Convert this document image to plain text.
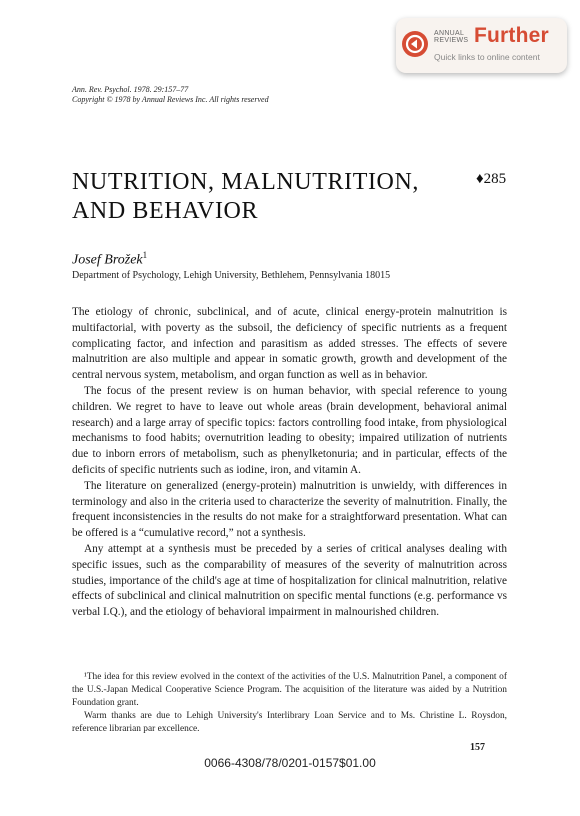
ANNUAL
REVIEWS Further
Quick links to online content
Ann. Rev. Psychol. 1978. 29:157–77
Copyright © 1978 by Annual Reviews Inc. All rights reserved
NUTRITION, MALNUTRITION,
AND BEHAVIOR
♦285
Josef Brožek$^1$
Department of Psychology, Lehigh University, Bethlehem, Pennsylvania 18015

The etiology of chronic, subclinical, and of acute, clinical energy-protein malnutrition is multifactorial, with poverty as the subsoil, the deficiency of specific nutrients as a frequent complicating factor, and infection and parasitism as added stresses. The effects of severe malnutrition are also multiple and appear in somatic growth, growth and development of the central nervous system, metabolism, and organ function as well as in behavior.

The focus of the present review is on human behavior, with special reference to young children. We regret to have to leave out whole areas (brain development, behavioral animal research) and a large array of specific topics: factors controlling food intake, from physiological mechanisms to food habits; overnutrition leading to obesity; impaired utilization of nutrients due to inborn errors of metabolism, such as phenylketonuria; and in particular, effects of the deficits of specific nutrients such as iodine, iron, and vitamin A.

The literature on generalized (energy-protein) malnutrition is unwieldy, with differences in terminology and also in the criteria used to characterize the severity of malnutrition. Finally, the frequent inconsistencies in the results do not make for a straightforward presentation. What can be offered is a “cumulative record,” not a synthesis.

Any attempt at a synthesis must be preceded by a series of critical analyses dealing with specific issues, such as the comparability of measures of the severity of malnutrition across studies, importance of the child's age at time of hospitalization for clinical malnutrition, relative effects of subclinical and clinical malnutrition on specific mental functions (e.g. performance vs verbal I.Q.), and the etiology of behavioral impairment in malnourished children.

¹The idea for this review evolved in the context of the activities of the U.S. Malnutrition Panel, a component of the U.S.-Japan Medical Cooperative Science Program. The acquisition of the literature was aided by a Nutrition Foundation grant.

Warm thanks are due to Lehigh University's Interlibrary Loan Service and to Ms. Christine L. Roysdon, reference librarian par excellence.

157
0066-4308/78/0201-0157$01.00
